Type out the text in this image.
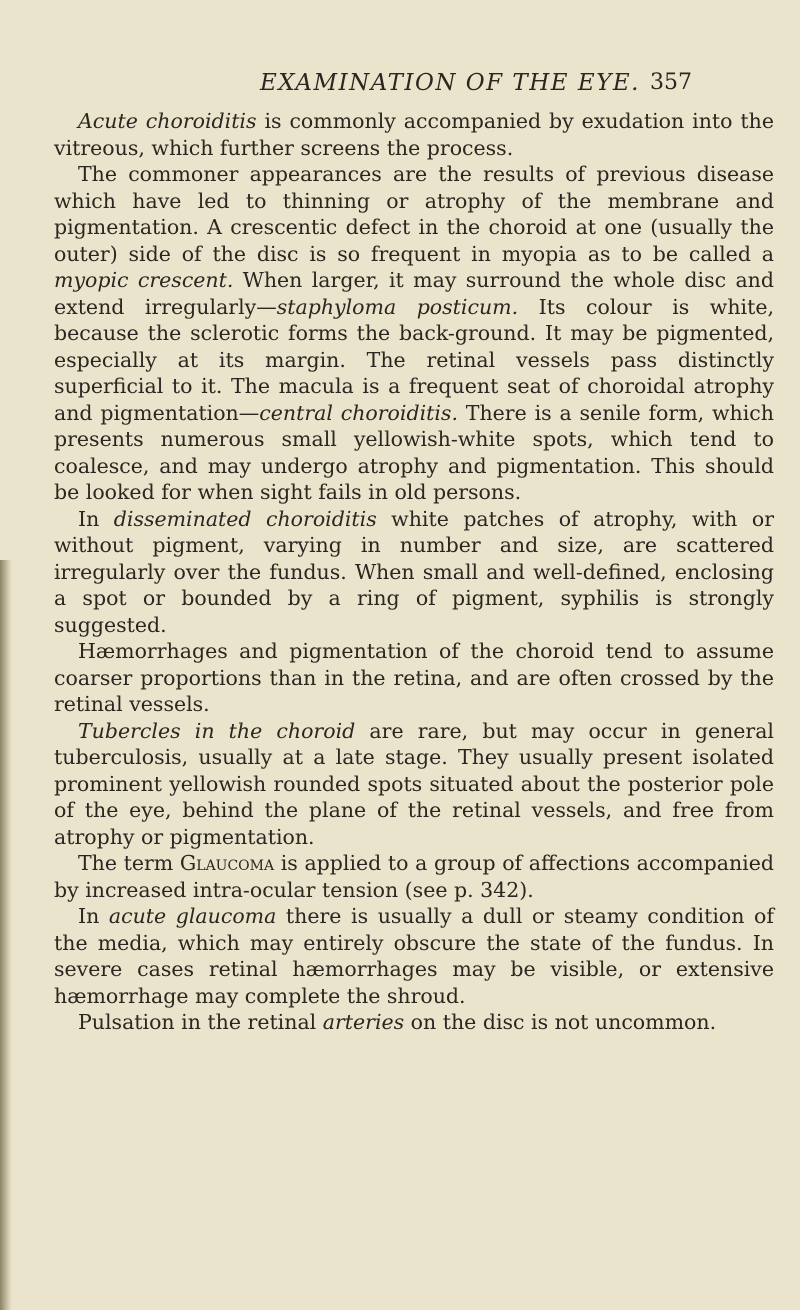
EXAMINATION OF THE EYE. 357

Acute choroiditis is commonly accompanied by exudation into the vitreous, which further screens the process.

The commoner appearances are the results of previous disease which have led to thinning or atrophy of the membrane and pigmentation. A crescentic defect in the choroid at one (usually the outer) side of the disc is so frequent in myopia as to be called a myopic crescent. When larger, it may surround the whole disc and extend irregularly—staphyloma posticum. Its colour is white, because the sclerotic forms the back-ground. It may be pigmented, especially at its margin. The retinal vessels pass distinctly superficial to it. The macula is a frequent seat of choroidal atrophy and pigmentation—central choroiditis. There is a senile form, which presents numerous small yellowish-white spots, which tend to coalesce, and may undergo atrophy and pigmentation. This should be looked for when sight fails in old persons.

In disseminated choroiditis white patches of atrophy, with or without pigment, varying in number and size, are scattered irregularly over the fundus. When small and well-defined, enclosing a spot or bounded by a ring of pigment, syphilis is strongly suggested.

Hæmorrhages and pigmentation of the choroid tend to assume coarser proportions than in the retina, and are often crossed by the retinal vessels.

Tubercles in the choroid are rare, but may occur in general tuberculosis, usually at a late stage. They usually present isolated prominent yellowish rounded spots situated about the posterior pole of the eye, behind the plane of the retinal vessels, and free from atrophy or pigmentation.

The term Glaucoma is applied to a group of affections accompanied by increased intra-ocular tension (see p. 342).

In acute glaucoma there is usually a dull or steamy condition of the media, which may entirely obscure the state of the fundus. In severe cases retinal hæmorrhages may be visible, or extensive hæmorrhage may complete the shroud.

Pulsation in the retinal arteries on the disc is not uncommon.
